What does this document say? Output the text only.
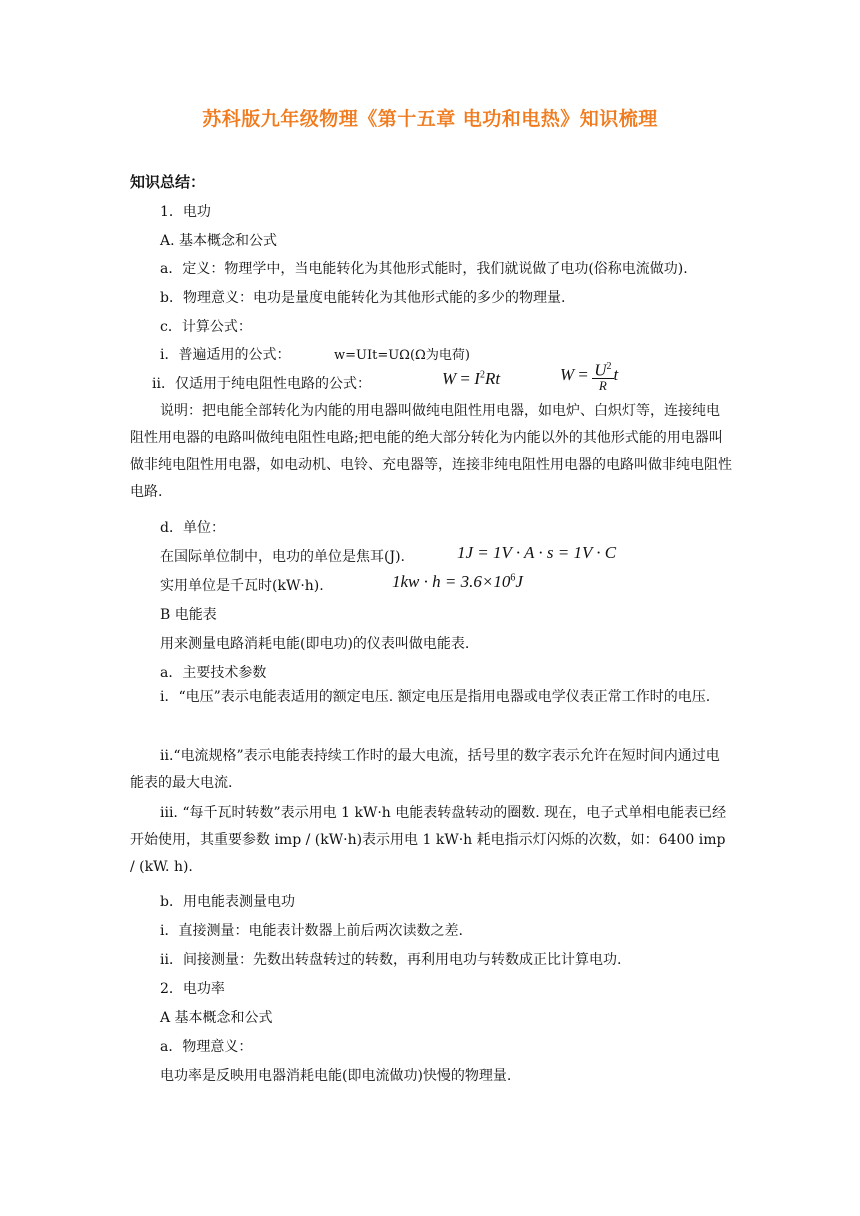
苏科版九年级物理《第十五章 电功和电热》知识梳理
知识总结：
1．电功
A. 基本概念和公式
a．定义：物理学中，当电能转化为其他形式能时，我们就说做了电功(俗称电流做功).
b．物理意义：电功是量度电能转化为其他形式能的多少的物理量.
c．计算公式：
i．普遍适用的公式：	w=UIt=UΩ(Ω为电荷)
ii．仅适用于纯电阻性电路的公式：	$W = I^2Rt$	$W = \frac{U^2}{R}$ t
说明：把电能全部转化为内能的用电器叫做纯电阻性用电器，如电炉、白炽灯等，连接纯电阻性用电器的电路叫做纯电阻性电路;把电能的绝大部分转化为内能以外的其他形式能的用电器叫做非纯电阻性用电器，如电动机、电铃、充电器等，连接非纯电阻性用电器的电路叫做非纯电阻性电路.
d．单位：
在国际单位制中，电功的单位是焦耳(J).	1J = 1V · A · s = 1V · C
实用单位是千瓦时(kW·h).	$1kw \cdot h = 3.6\times 10^6J$
B 电能表
用来测量电路消耗电能(即电功)的仪表叫做电能表.
a．主要技术参数
i．“电压”表示电能表适用的额定电压. 额定电压是指用电器或电学仪表正常工作时的电压.
ii.“电流规格”表示电能表持续工作时的最大电流，括号里的数字表示允许在短时间内通过电能表的最大电流.
iii. “每千瓦时转数”表示用电 1 kW·h 电能表转盘转动的圈数. 现在，电子式单相电能表已经开始使用，其重要参数 imp / (kW·h)表示用电 1 kW·h 耗电指示灯闪烁的次数，如：6400 imp / (kW. h).
b．用电能表测量电功
i．直接测量：电能表计数器上前后两次读数之差.
ii．间接测量：先数出转盘转过的转数，再利用电功与转数成正比计算电功.
2．电功率
A 基本概念和公式
a．物理意义：
电功率是反映用电器消耗电能(即电流做功)快慢的物理量.
